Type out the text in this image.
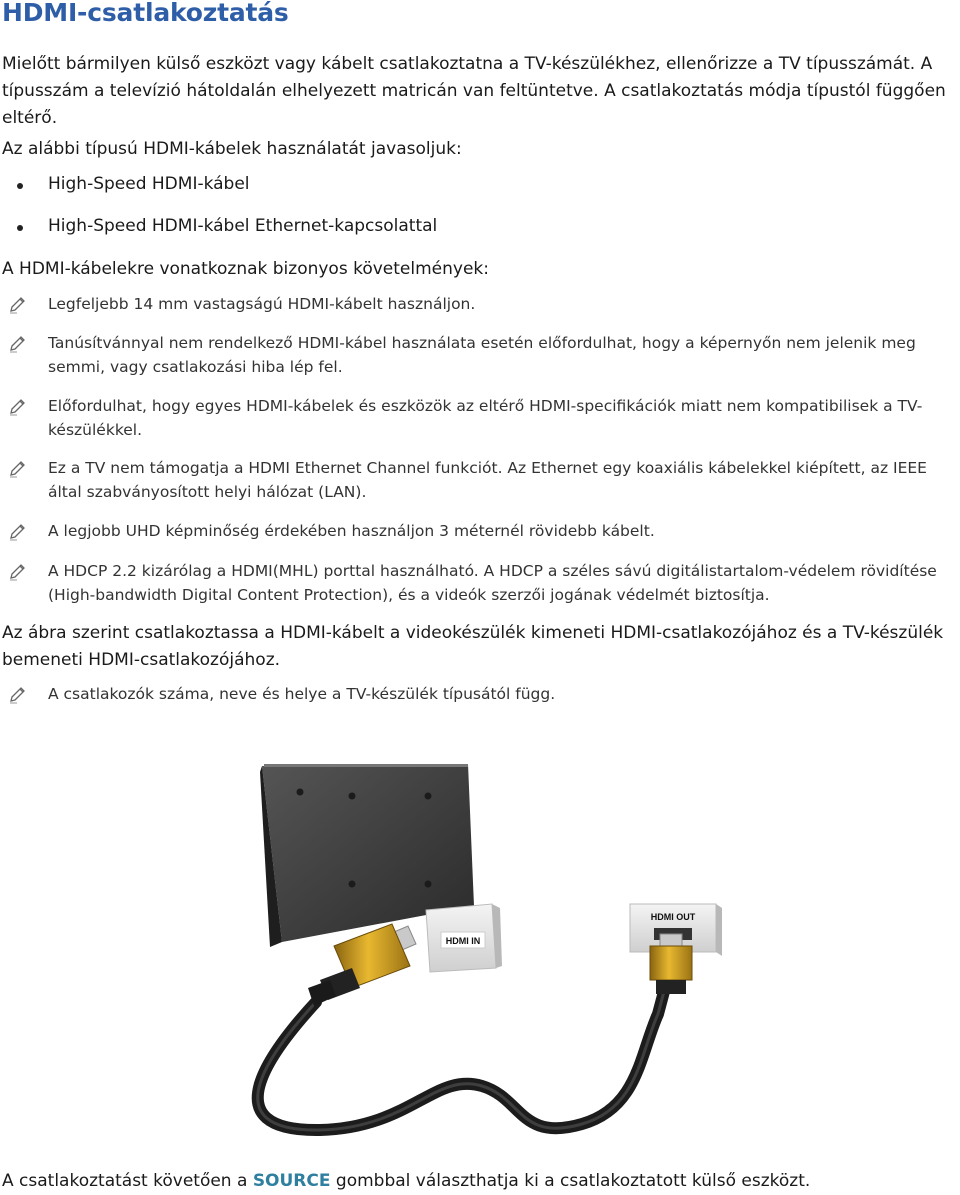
HDMI-csatlakoztatás

Mielőtt bármilyen külső eszközt vagy kábelt csatlakoztatna a TV-készülékhez, ellenőrizze a TV típusszámát. A típusszám a televízió hátoldalán elhelyezett matricán van feltüntetve. A csatlakoztatás módja típustól függően eltérő.

Az alábbi típusú HDMI-kábelek használatát javasoljuk:

High-Speed HDMI-kábel
High-Speed HDMI-kábel Ethernet-kapcsolattal

A HDMI-kábelekre vonatkoznak bizonyos követelmények:

Legfeljebb 14 mm vastagságú HDMI-kábelt használjon.
Tanúsítvánnyal nem rendelkező HDMI-kábel használata esetén előfordulhat, hogy a képernyőn nem jelenik meg semmi, vagy csatlakozási hiba lép fel.
Előfordulhat, hogy egyes HDMI-kábelek és eszközök az eltérő HDMI-specifikációk miatt nem kompatibilisek a TV-készülékkel.
Ez a TV nem támogatja a HDMI Ethernet Channel funkciót. Az Ethernet egy koaxiális kábelekkel kiépített, az IEEE által szabványosított helyi hálózat (LAN).
A legjobb UHD képminőség érdekében használjon 3 méternél rövidebb kábelt.
A HDCP 2.2 kizárólag a HDMI(MHL) porttal használható. A HDCP a széles sávú digitálistartalom-védelem rövidítése (High-bandwidth Digital Content Protection), és a videók szerzői jogának védelmét biztosítja.

Az ábra szerint csatlakoztassa a HDMI-kábelt a videokészülék kimeneti HDMI-csatlakozójához és a TV-készülék bemeneti HDMI-csatlakozójához.

A csatlakozók száma, neve és helye a TV-készülék típusától függ.
HDMI IN
HDMI OUT

A csatlakoztatást követően a SOURCE gombbal választhatja ki a csatlakoztatott külső eszközt.
